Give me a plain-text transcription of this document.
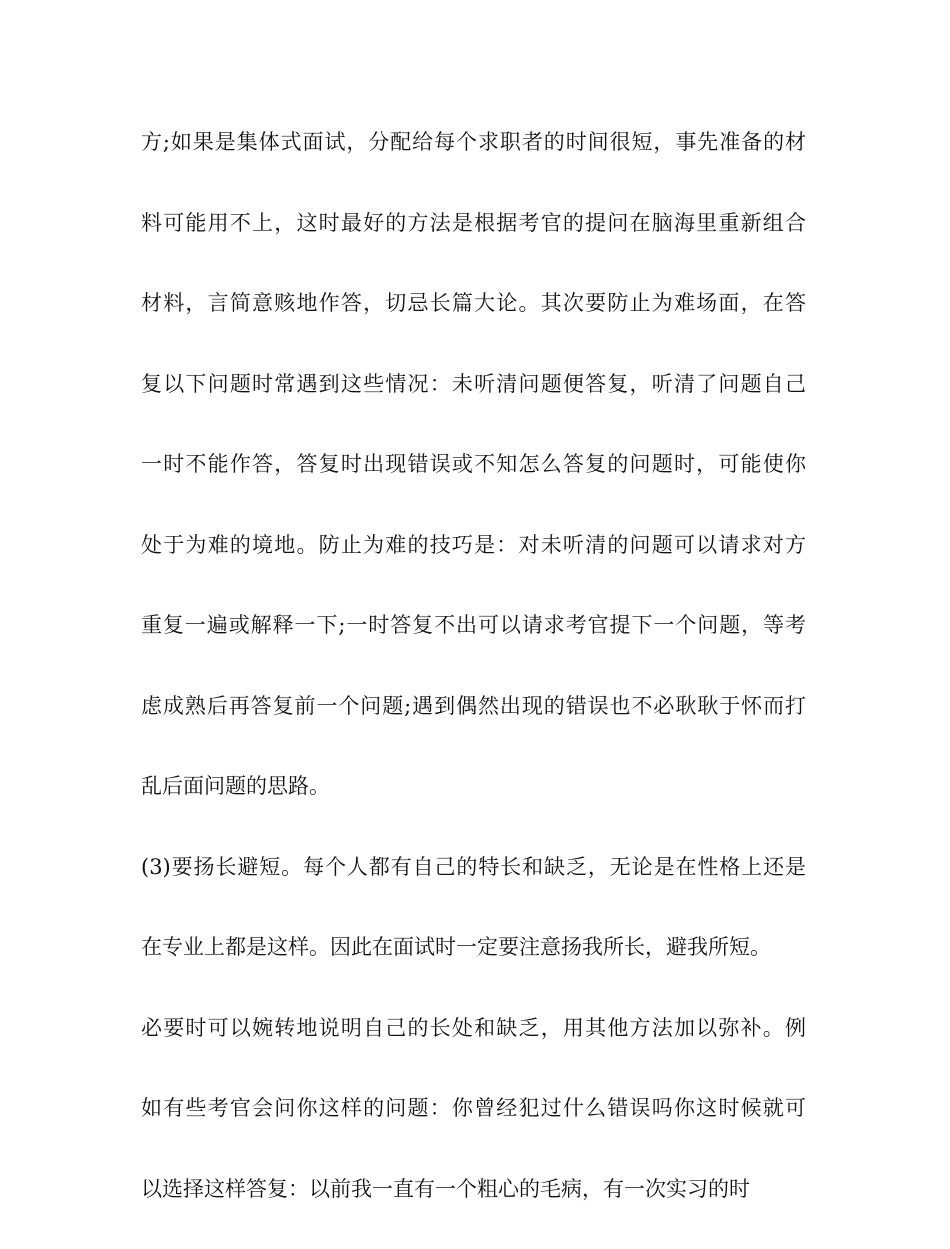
方;如果是集体式面试，分配给每个求职者的时间很短，事先准备的材
料可能用不上，这时最好的方法是根据考官的提问在脑海里重新组合
材料，言简意赅地作答，切忌长篇大论。其次要防止为难场面，在答
复以下问题时常遇到这些情况：未听清问题便答复，听清了问题自己
一时不能作答，答复时出现错误或不知怎么答复的问题时，可能使你
处于为难的境地。防止为难的技巧是：对未听清的问题可以请求对方
重复一遍或解释一下;一时答复不出可以请求考官提下一个问题，等考
虑成熟后再答复前一个问题;遇到偶然出现的错误也不必耿耿于怀而打
乱后面问题的思路。
(3)要扬长避短。每个人都有自己的特长和缺乏，无论是在性格上还是
在专业上都是这样。因此在面试时一定要注意扬我所长，避我所短。
必要时可以婉转地说明自己的长处和缺乏，用其他方法加以弥补。例
如有些考官会问你这样的问题：你曾经犯过什么错误吗你这时候就可
以选择这样答复：以前我一直有一个粗心的毛病，有一次实习的时
